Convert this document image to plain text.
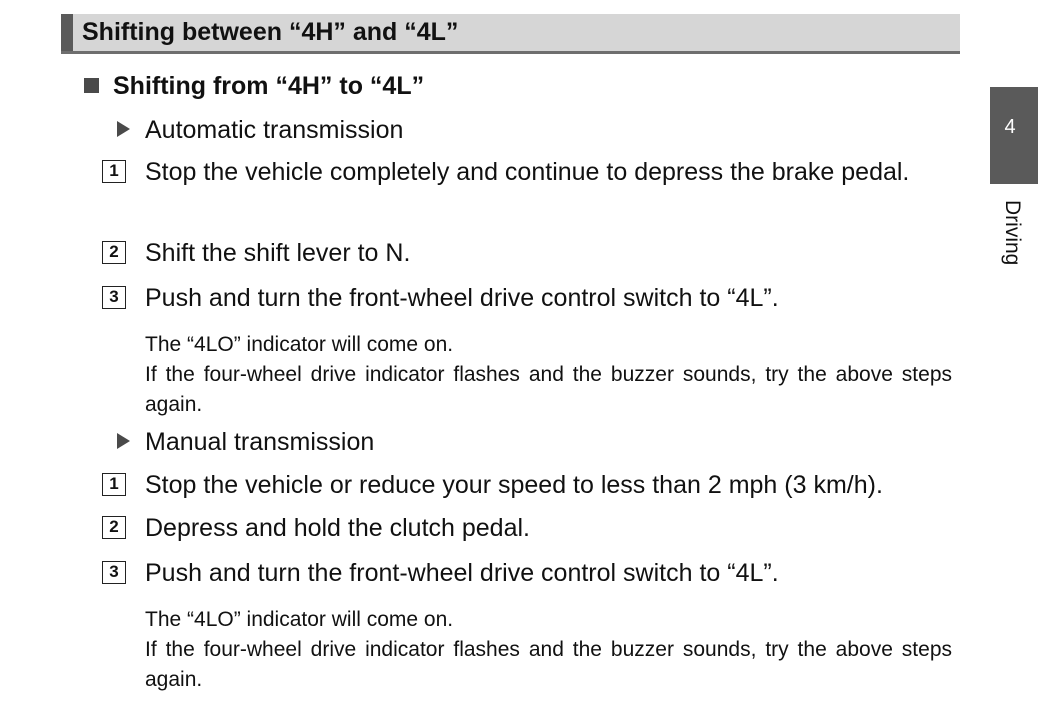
Shifting between “4H” and “4L”
Shifting from “4H” to “4L”
Automatic transmission
1 Stop the vehicle completely and continue to depress the brake pedal.
2 Shift the shift lever to N.
3 Push and turn the front-wheel drive control switch to “4L”.

The “4LO” indicator will come on.

If the four-wheel drive indicator flashes and the buzzer sounds, try the above steps again.

Manual transmission
1 Stop the vehicle or reduce your speed to less than 2 mph (3 km/h).
2 Depress and hold the clutch pedal.
3 Push and turn the front-wheel drive control switch to “4L”.

The “4LO” indicator will come on.

If the four-wheel drive indicator flashes and the buzzer sounds, try the above steps again.

4
Driving
